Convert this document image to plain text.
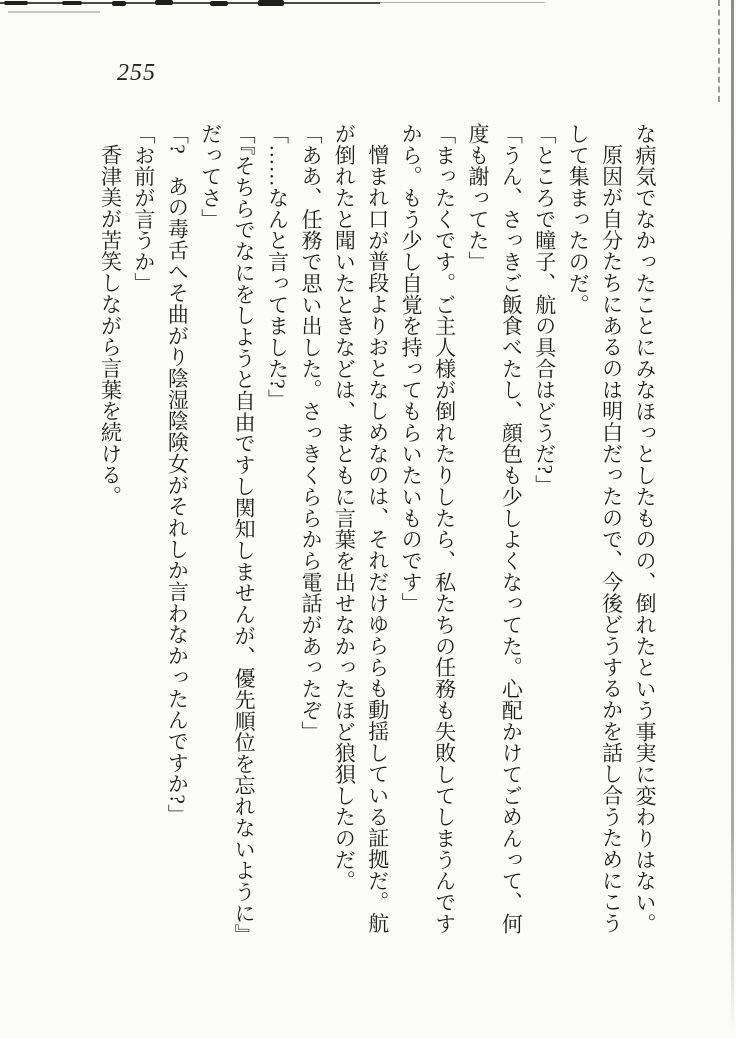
255

な病気でなかったことにみなほっとしたものの、倒れたという事実に変わりはない。

原因が自分たちにあるのは明白だったので、今後どうするかを話し合うためにこうして集まったのだ。

「ところで瞳子、航の具合はどうだ?」

「うん、さっきご飯食べたし、顔色も少しよくなってた。心配かけてごめんって、何度も謝ってた」

「まったくです。ご主人様が倒れたりしたら、私たちの任務も失敗してしまうんですから。もう少し自覚を持ってもらいたいものです」

憎まれ口が普段よりおとなしめなのは、それだけゆららも動揺している証拠だ。航が倒れたと聞いたときなどは、まともに言葉を出せなかったほど狼狽したのだ。

「ああ、任務で思い出した。さっきくららから電話があったぞ」

「……なんと言ってました?」

「『そちらでなにをしようと自由ですし関知しませんが、優先順位を忘れないように』　だってさ」

「?　あの毒舌へそ曲がり陰湿陰険女がそれしか言わなかったんですか?」

「お前が言うか」

香津美が苦笑しながら言葉を続ける。
